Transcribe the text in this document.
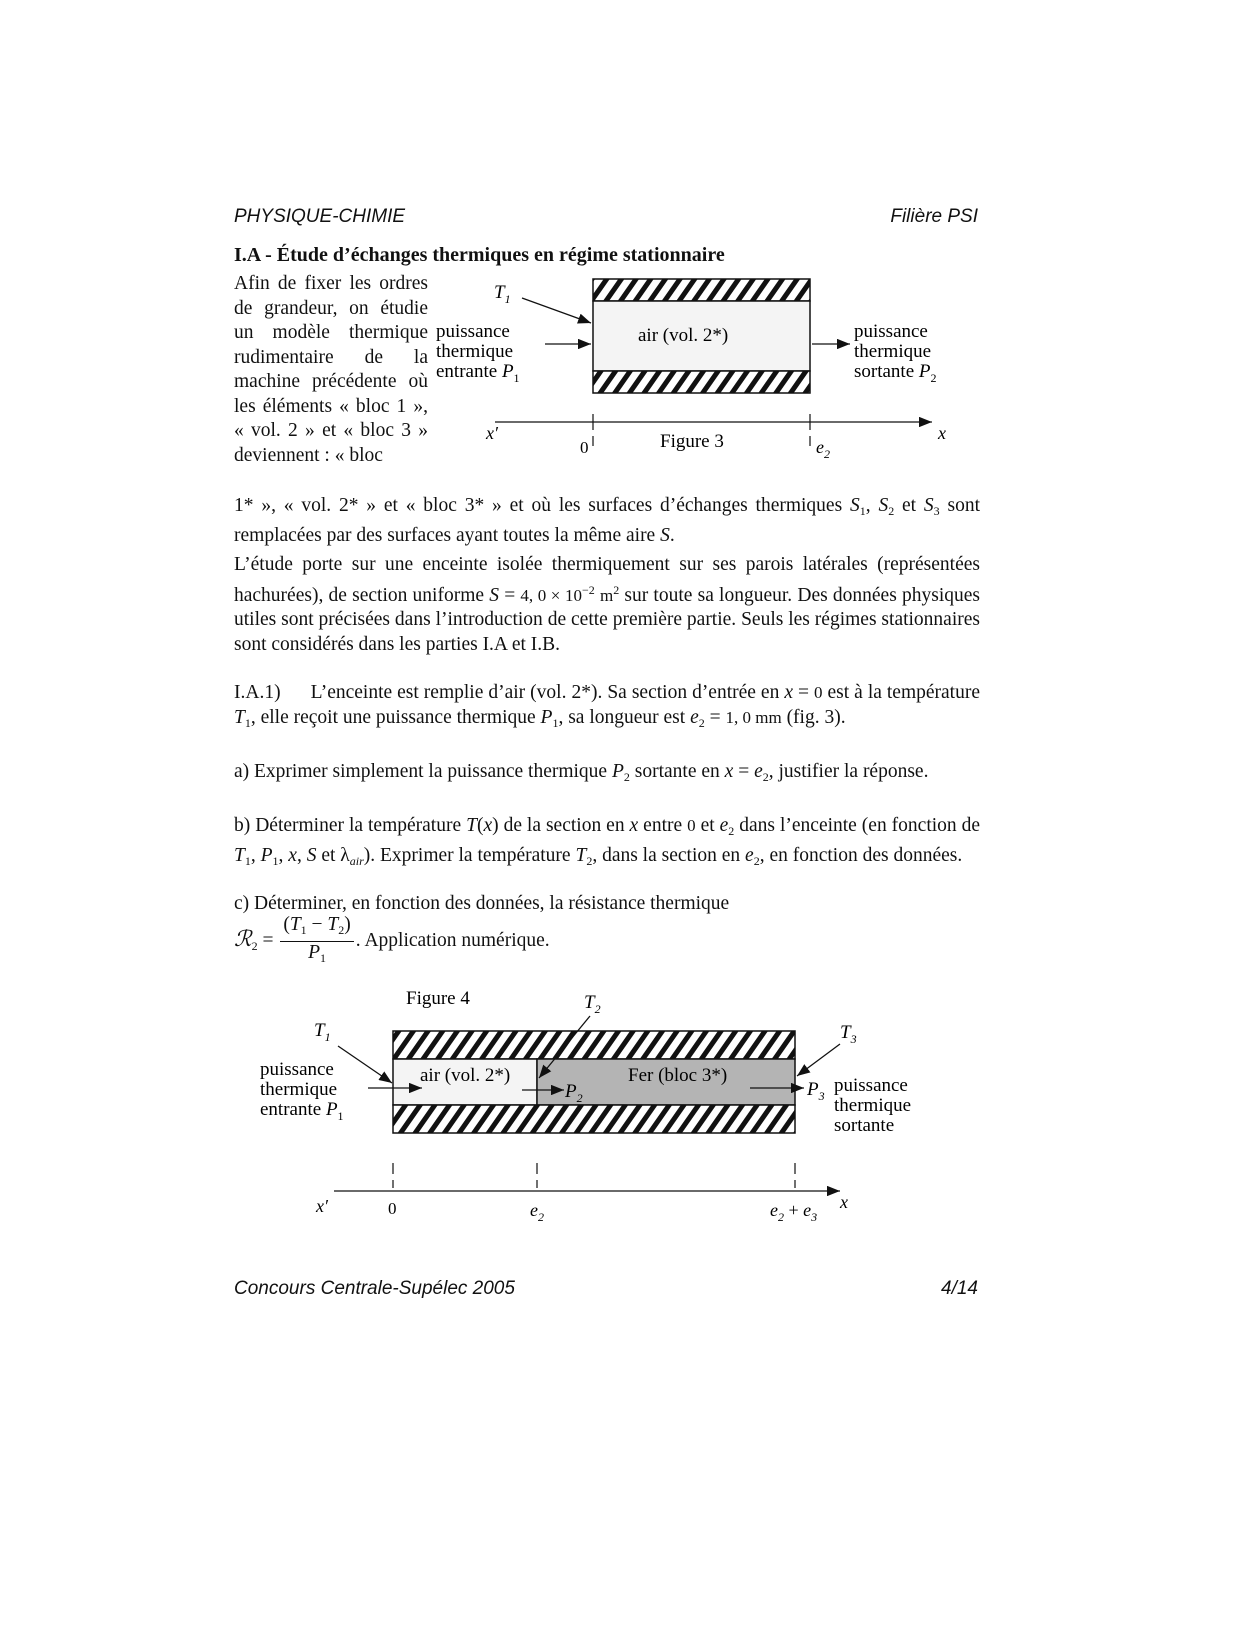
PHYSIQUE-CHIMIE	Filière PSI
I.A - Étude d’échanges thermiques en régime stationnaire
Afin de fixer les ordres de grandeur, on étudie un modèle thermique rudimentaire de la machine précédente où les éléments « bloc 1 », « vol. 2 » et « bloc 3 » deviennent : « bloc
air (vol. 2*)
$T_1$
puissance
thermique
entrante $P_1$
puissance
thermique
sortante $P_2$
x′
0	Figure 3	$e_2$
x
1* », « vol. 2* » et « bloc 3* » et où les surfaces d’échanges thermiques $S_1$, $S_2$ et $S_3$ sont remplacées par des surfaces ayant toutes la même aire S.
L’étude porte sur une enceinte isolée thermiquement sur ses parois latérales (représentées hachurées), de section uniforme S = 4, $0 \times 10^{-2}$ $m^2$ sur toute sa longueur. Des données physiques utiles sont précisées dans l’introduction de cette première partie. Seuls les régimes stationnaires sont considérés dans les parties I.A et I.B.
I.A.1) L’enceinte est remplie d’air (vol. 2*). Sa section d’entrée en x = 0 est à la température $T_1$, elle reçoit une puissance thermique $P_1$, sa longueur est $e_2 = 1$, 0 mm (fig. 3).
a) Exprimer simplement la puissance thermique $P_2$ sortante en $x = e_2$, justifier la réponse.
b) Déterminer la température T(x) de la section en x entre 0 et $e_2$ dans l’enceinte (en fonction de $T_1$, $P_1$, x, S et $\lambda_{air}$). Exprimer la température $T_2$, dans la section en $e_2$, en fonction des données.
c) Déterminer, en fonction des données, la résistance thermique
ℛ$_2$ = $\frac{(T_1 - T_2)}{P_1}$ . Application numérique.
Figure 4
air (vol. 2*)	Fer (bloc 3*)
$T_1$
$T_2$
$T_3$
puissance
thermique
entrante $P_1$
$P_2$	$P_3$ puissance
thermique
sortante
x′	0	$e_2$	$e_2 + e_3$
x
Concours Centrale-Supélec 2005	4/14
